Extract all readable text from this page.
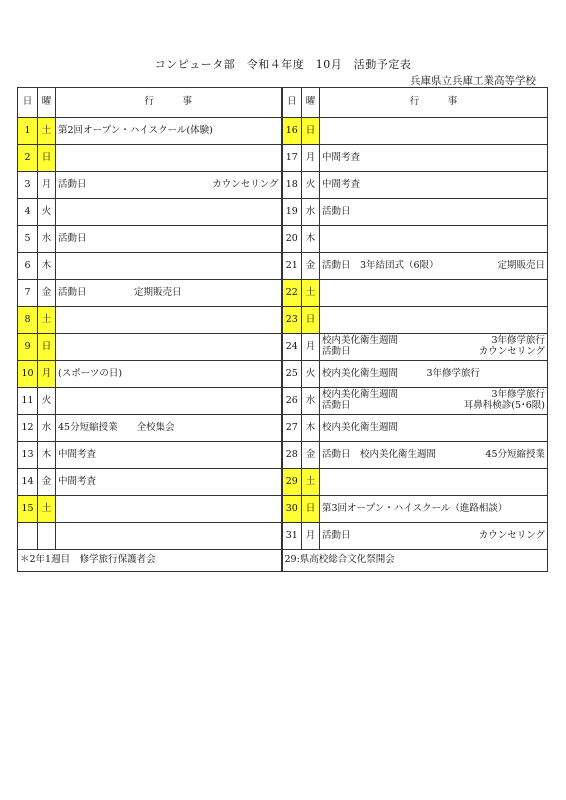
コンピュータ部　令和４年度　10月　活動予定表
兵庫県立兵庫工業高等学校
日	曜	行　　　事	日	曜	行　　　事
1	土	第2回オープン・ハイスクール(体験)	16	日	

2	日		17	月	中間考査

3	月	活動日 カウンセリング	18	火	中間考査

4	火		19	水	活動日

5	水	活動日	20	木	

6	木		21	金	活動日　3年結団式（6限） 定期販売日

7	金	活動日　　　　　定期販売日	22	土	

8	土		23	日	

9	日		24	月	校内美化衛生週間 3年修学旅行
活動日 カウンセリング

10	月	(スポーツの日)	25	火	校内美化衛生週間　　　3年修学旅行

11	火		26	水	校内美化衛生週間 3年修学旅行
活動日 耳鼻科検診(5･6限)

12	水	45分短縮授業　　全校集会	27	木	校内美化衛生週間

13	木	中間考査	28	金	活動日　校内美化衛生週間 45分短縮授業

14	金	中間考査	29	土	

15	土		30	日	第3回オープン・ハイスクール（進路相談）

	31	月	活動日 カウンセリング

＊2年1週目　修学旅行保護者会			29:県高校総合文化祭開会		
